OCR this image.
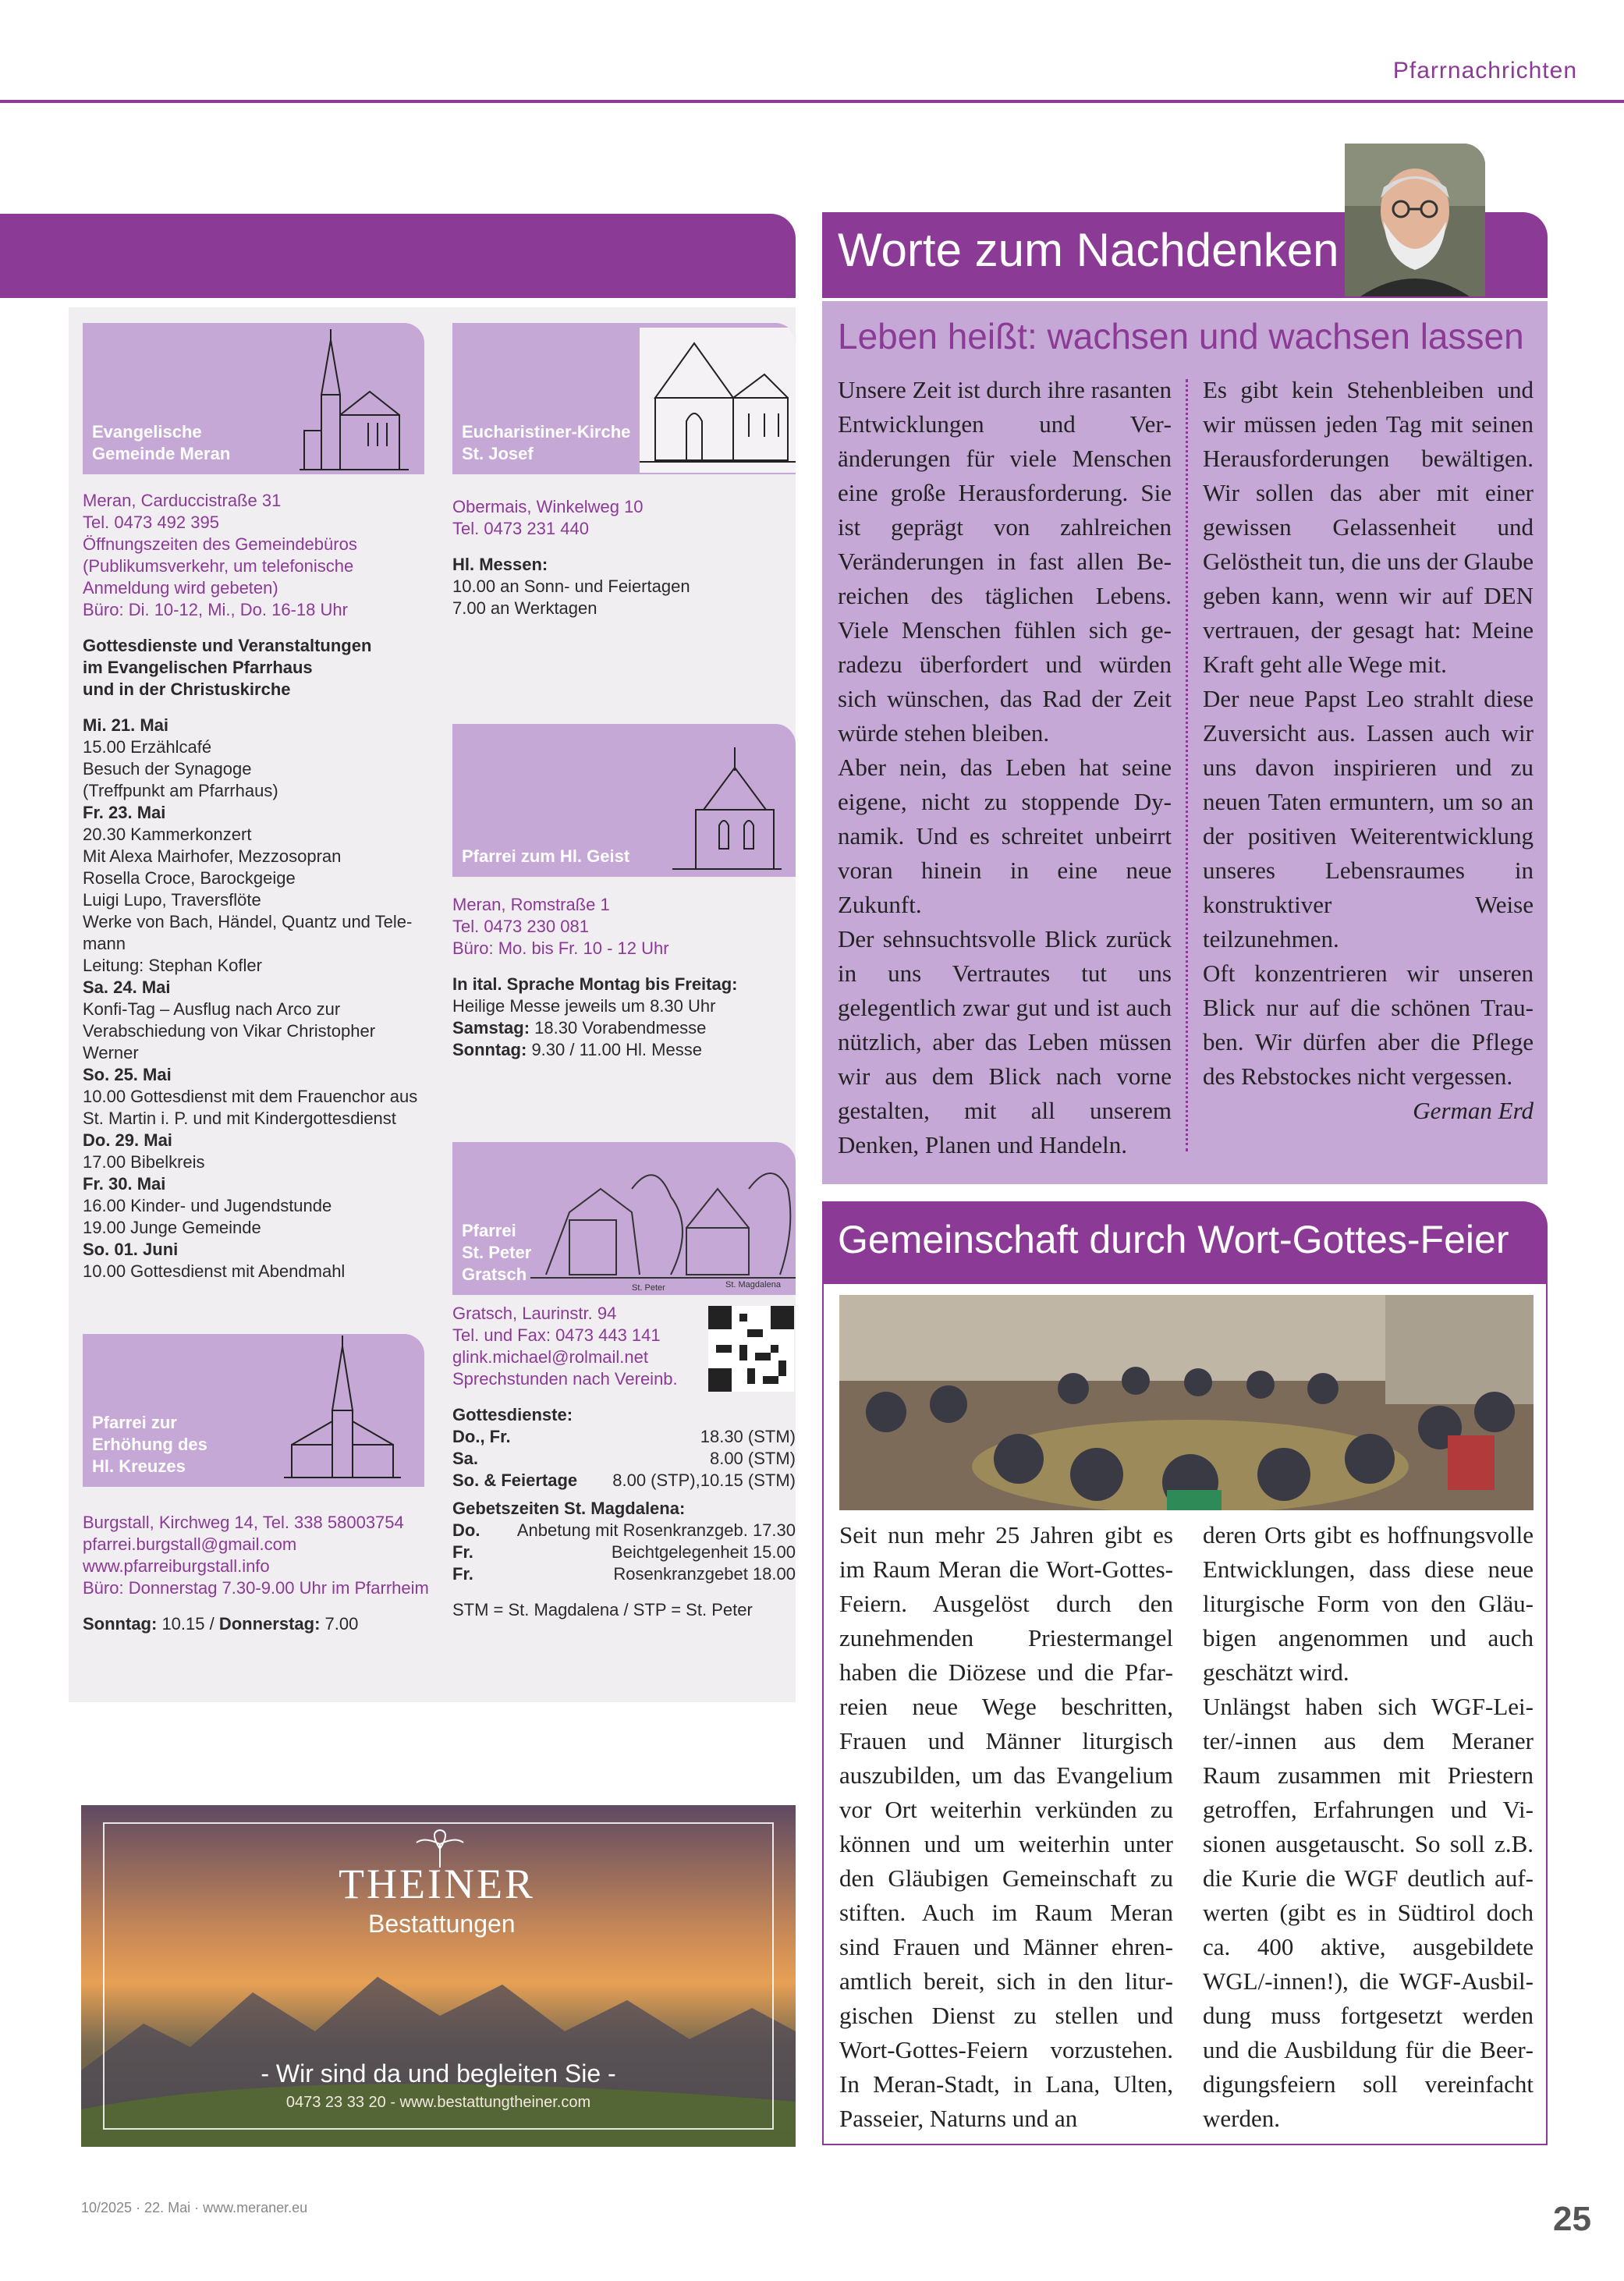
Pfarrnachrichten
Worte zum Nachdenken
Evangelische
Gemeinde Meran
Meran, Carduccistraße 31
Tel. 0473 492 395
Öffnungszeiten des Gemeindebüros
(Publikumsverkehr, um telefonische
Anmeldung wird gebeten)
Büro: Di. 10-12, Mi., Do. 16-18 Uhr
Gottesdienste und Veranstaltungen
im Evangelischen Pfarrhaus
und in der Christuskirche
Mi. 21. Mai
15.00 Erzählcafé
Besuch der Synagoge
(Treffpunkt am Pfarrhaus)
Fr. 23. Mai
20.30 Kammerkonzert
Mit Alexa Mairhofer, Mezzosopran
Rosella Croce, Barockgeige
Luigi Lupo, Traversflöte
Werke von Bach, Händel, Quantz und Tele-
mann
Leitung: Stephan Kofler
Sa. 24. Mai
Konfi-Tag – Ausflug nach Arco zur
Verabschiedung von Vikar Christopher Werner
So. 25. Mai
10.00 Gottesdienst mit dem Frauenchor aus
St. Martin i. P. und mit Kindergottesdienst
Do. 29. Mai
17.00 Bibelkreis
Fr. 30. Mai
16.00 Kinder- und Jugendstunde
19.00 Junge Gemeinde
So. 01. Juni
10.00 Gottesdienst mit Abendmahl
Pfarrei zur
Erhöhung des
Hl. Kreuzes
Burgstall, Kirchweg 14, Tel. 338 58003754
pfarrei.burgstall@gmail.com
www.pfarreiburgstall.info
Büro: Donnerstag 7.30-9.00 Uhr im Pfarrheim
Sonntag: 10.15 / Donnerstag: 7.00
Eucharistiner-Kirche
St. Josef
Obermais, Winkelweg 10
Tel. 0473 231 440
Hl. Messen:
10.00 an Sonn- und Feiertagen
7.00 an Werktagen
Pfarrei zum Hl. Geist
Meran, Romstraße 1
Tel. 0473 230 081
Büro: Mo. bis Fr. 10 - 12 Uhr
In ital. Sprache Montag bis Freitag:
Heilige Messe jeweils um 8.30 Uhr
Samstag: 18.30 Vorabendmesse
Sonntag: 9.30 / 11.00 Hl. Messe
St. Peter	St. Magdalena
Pfarrei
St. Peter
Gratsch
Gratsch, Laurinstr. 94
Tel. und Fax: 0473 443 141
glink.michael@rolmail.net
Sprechstunden nach Vereinb.
Gottesdienste:
Do., Fr.	18.30 (STM)
Sa.	8.00 (STM)
So. & Feiertage 8.00 (STP),10.15 (STM)
Gebetszeiten St. Magdalena:
Do. Anbetung mit Rosenkranzgeb. 17.30
Fr.	Beichtgelegenheit 15.00
Fr.	Rosenkranzgebet 18.00
STM = St. Magdalena / STP = St. Peter
Leben heißt: wachsen und wachsen lassen

Unsere Zeit ist durch ihre rasanten Entwicklungen und Veränderungen für viele Menschen eine große Herausforderung. Sie ist geprägt von zahlreichen Veränderungen in fast allen Bereichen des täglichen Lebens. Viele Menschen fühlen sich geradezu überfordert und würden sich wünschen, das Rad der Zeit würde stehen bleiben.

Aber nein, das Leben hat seine eigene, nicht zu stoppende Dynamik. Und es schreitet unbeirrt voran hinein in eine neue Zukunft.

Der sehnsuchtsvolle Blick zurück in uns Vertrautes tut uns gelegentlich zwar gut und ist auch nützlich, aber das Leben müssen wir aus dem Blick nach vorne gestalten, mit all unserem Denken, Planen und Handeln.

Es gibt kein Stehenbleiben und wir müssen jeden Tag mit seinen Herausforderungen bewältigen. Wir sollen das aber mit einer gewissen Gelassenheit und Gelöstheit tun, die uns der Glaube geben kann, wenn wir auf DEN vertrauen, der gesagt hat: Meine Kraft geht alle Wege mit.

Der neue Papst Leo strahlt diese Zuversicht aus. Lassen auch wir uns davon inspirieren und zu neuen Taten ermuntern, um so an der positiven Weiterentwicklung unseres Lebensraumes in konstruktiver Weise teilzunehmen.

Oft konzentrieren wir unseren Blick nur auf die schönen Trauben. Wir dürfen aber die Pflege des Rebstockes nicht vergessen.

German Erd

Gemeinschaft durch Wort-Gottes-Feier

Seit nun mehr 25 Jahren gibt es im Raum Meran die Wort-Gottes-Feiern. Ausgelöst durch den zunehmenden Priestermangel haben die Diözese und die Pfarreien neue Wege beschritten, Frauen und Männer liturgisch auszubilden, um das Evangelium vor Ort weiterhin verkünden zu können und um weiterhin unter den Gläubigen Gemeinschaft zu stiften. Auch im Raum Meran sind Frauen und Männer ehrenamtlich bereit, sich in den liturgischen Dienst zu stellen und Wort-Gottes-Feiern vorzustehen. In Meran-Stadt, in Lana, Ulten, Passeier, Naturns und an

deren Orts gibt es hoffnungsvolle Entwicklungen, dass diese neue liturgische Form von den Gläubigen angenommen und auch geschätzt wird.

Unlängst haben sich WGF-Leiter/-innen aus dem Meraner Raum zusammen mit Priestern getroffen, Erfahrungen und Visionen ausgetauscht. So soll z.B. die Kurie die WGF deutlich aufwerten (gibt es in Südtirol doch ca. 400 aktive, ausgebildete WGL/-innen!), die WGF-Ausbildung muss fortgesetzt werden und die Ausbildung für die Beerdigungsfeiern soll vereinfacht werden.

THEINER
Bestattungen
- Wir sind da und begleiten Sie -
0473 23 33 20 - www.bestattungtheiner.com
10/2025 · 22. Mai · www.meraner.eu	25
